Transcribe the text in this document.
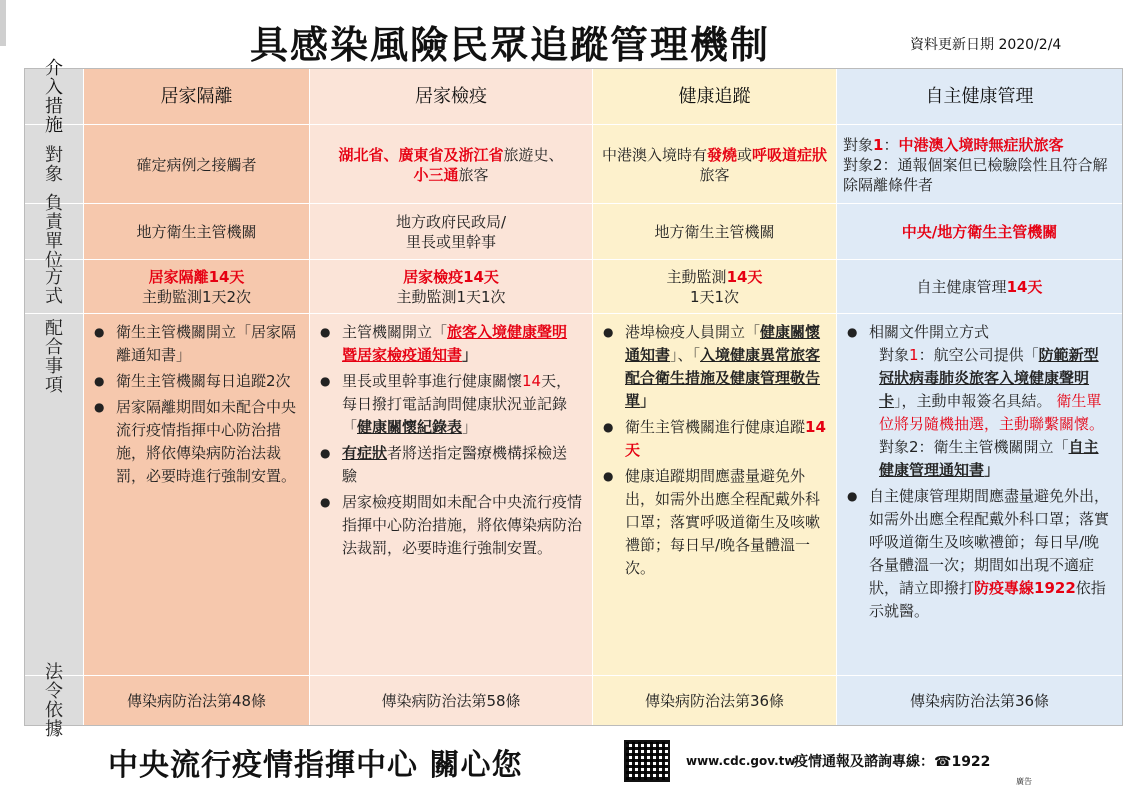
具感染風險民眾追蹤管理機制	資料更新日期 2020/2/4
介入措施
對象
負責單位
方式
配合事項
法令依據
居家隔離
確定病例之接觸者
地方衛生主管機關
居家隔離14天
主動監測1天2次
● 衛生主管機關開立「居家隔離通知書」
● 衛生主管機關每日追蹤2次
● 居家隔離期間如未配合中央流行疫情指揮中心防治措施，將依傳染病防治法裁罰，必要時進行強制安置。
傳染病防治法第48條
居家檢疫
湖北省、廣東省及浙江省旅遊史、
小三通旅客
地方政府民政局/
里長或里幹事
居家檢疫14天
主動監測1天1次
● 主管機關開立「旅客入境健康聲明暨居家檢疫通知書」
● 里長或里幹事進行健康關懷14天，每日撥打電話詢問健康狀況並記錄「健康關懷紀錄表」
● 有症狀者將送指定醫療機構採檢送驗
● 居家檢疫期間如未配合中央流行疫情指揮中心防治措施，將依傳染病防治法裁罰，必要時進行強制安置。
傳染病防治法第58條
健康追蹤
中港澳入境時有發燒或呼吸道症狀旅客
地方衛生主管機關
主動監測14天
1天1次
● 港埠檢疫人員開立「健康關懷通知書」、「入境健康異常旅客配合衛生措施及健康管理敬告單」
● 衛生主管機關進行健康追蹤14天
● 健康追蹤期間應盡量避免外出，如需外出應全程配戴外科口罩；落實呼吸道衛生及咳嗽禮節；每日早/晚各量體溫一次。
傳染病防治法第36條
自主健康管理
對象1：中港澳入境時無症狀旅客
對象2：通報個案但已檢驗陰性且符合解除隔離條件者
中央/地方衛生主管機關
自主健康管理14天
● 相關文件開立方式
對象1：航空公司提供「防範新型冠狀病毒肺炎旅客入境健康聲明卡」，主動申報簽名具結。 衛生單位將另隨機抽選，主動聯繫關懷。
對象2：衛生主管機關開立「自主健康管理通知書」
● 自主健康管理期間應盡量避免外出，如需外出應全程配戴外科口罩；落實呼吸道衛生及咳嗽禮節；每日早/晚各量體溫一次；期間如出現不適症狀，請立即撥打防疫專線1922依指示就醫。
傳染病防治法第36條
中央流行疫情指揮中心 關心您	www.cdc.gov.tw
疫情通報及諮詢專線：☎1922
廣告
